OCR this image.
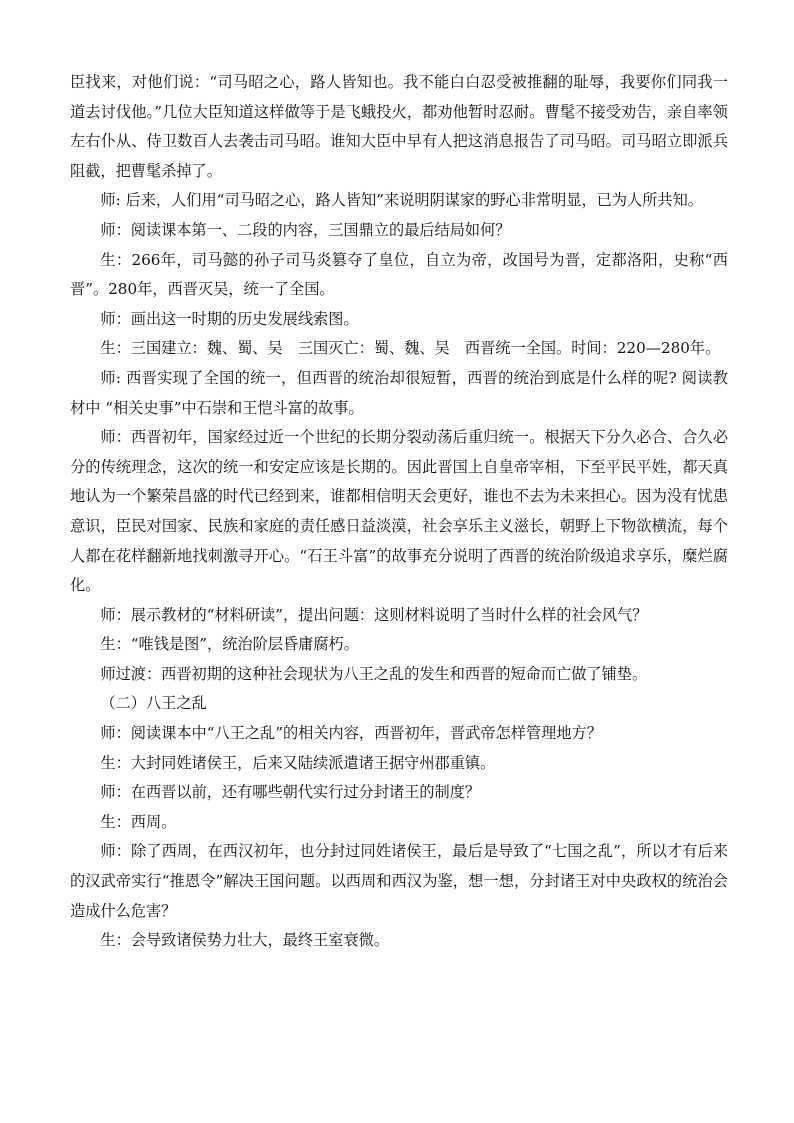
臣找来，对他们说：“司马昭之心，路人皆知也。我不能白白忍受被推翻的耻辱，我要你们同我一道去讨伐他。”几位大臣知道这样做等于是飞蛾投火，都劝他暂时忍耐。曹髦不接受劝告，亲自率领左右仆从、侍卫数百人去袭击司马昭。谁知大臣中早有人把这消息报告了司马昭。司马昭立即派兵阻截，把曹髦杀掉了。

师: 后来，人们用“司马昭之心，路人皆知”来说明阴谋家的野心非常明显，已为人所共知。

师：阅读课本第一、二段的内容，三国鼎立的最后结局如何？

生：266年，司马懿的孙子司马炎篡夺了皇位，自立为帝，改国号为晋，定都洛阳，史称“西晋”。280年，西晋灭吴，统一了全国。

师：画出这一时期的历史发展线索图。

生：三国建立：魏、蜀、吴　三国灭亡：蜀、魏、吴　西晋统一全国。时间：220—280年。

师: 西晋实现了全国的统一，但西晋的统治却很短暂，西晋的统治到底是什么样的呢? 阅读教材中 “相关史事”中石崇和王恺斗富的故事。

师：西晋初年，国家经过近一个世纪的长期分裂动荡后重归统一。根据天下分久必合、合久必分的传统理念，这次的统一和安定应该是长期的。因此晋国上自皇帝宰相，下至平民平姓，都天真地认为一个繁荣昌盛的时代已经到来，谁都相信明天会更好，谁也不去为未来担心。因为没有忧患意识，臣民对国家、民族和家庭的责任感日益淡漠，社会享乐主义滋长，朝野上下物欲横流，每个人都在花样翻新地找刺激寻开心。“石王斗富”的故事充分说明了西晋的统治阶级追求享乐，糜烂腐化。

师：展示教材的“材料研读”，提出问题：这则材料说明了当时什么样的社会风气？

生：“唯钱是图”，统治阶层昏庸腐朽。

师过渡：西晋初期的这种社会现状为八王之乱的发生和西晋的短命而亡做了铺垫。

（二）八王之乱

师：阅读课本中“八王之乱”的相关内容，西晋初年，晋武帝怎样管理地方？

生：大封同姓诸侯王，后来又陆续派遣诸王据守州郡重镇。

师：在西晋以前，还有哪些朝代实行过分封诸王的制度？

生：西周。

师：除了西周，在西汉初年，也分封过同姓诸侯王，最后是导致了“七国之乱”，所以才有后来的汉武帝实行“推恩令”解决王国问题。以西周和西汉为鉴，想一想，分封诸王对中央政权的统治会造成什么危害？

生：会导致诸侯势力壮大，最终王室衰微。
